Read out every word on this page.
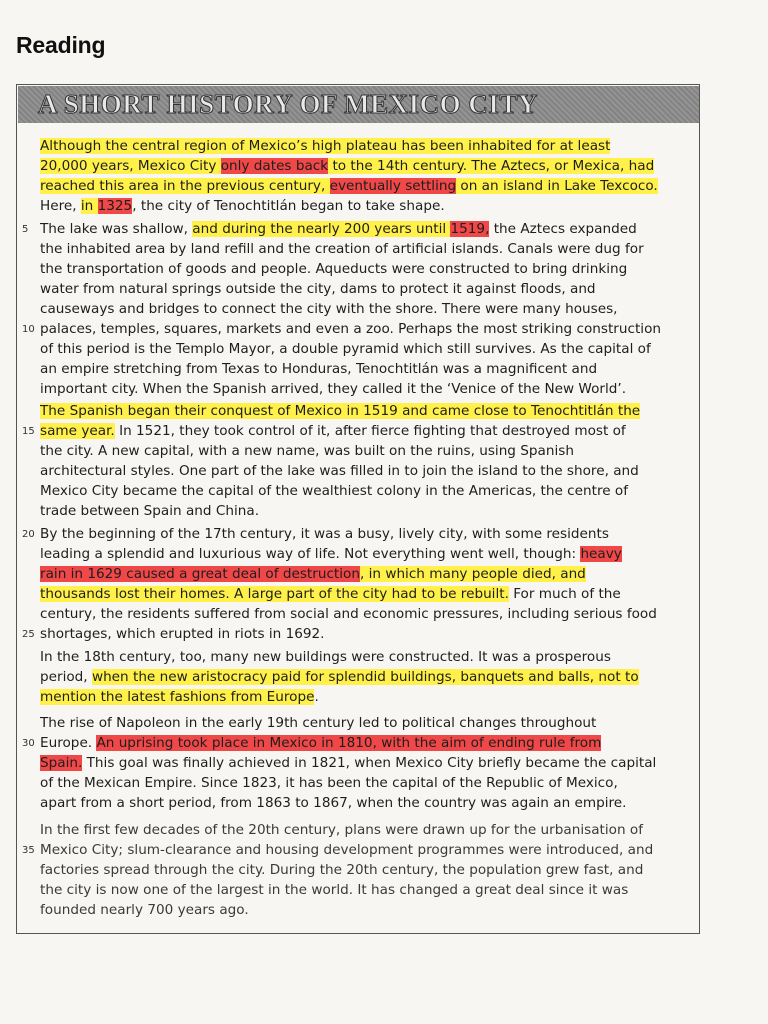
Reading
A SHORT HISTORY OF MEXICO CITY
Although the central region of Mexico’s high plateau has been inhabited for at least
20,000 years, Mexico City only dates back to the 14th century. The Aztecs, or Mexica, had
reached this area in the previous century, eventually settling on an island in Lake Texcoco.
Here, in 1325, the city of Tenochtitlán began to take shape.
5 The lake was shallow, and during the nearly 200 years until 1519, the Aztecs expanded
the inhabited area by land refill and the creation of artificial islands. Canals were dug for
the transportation of goods and people. Aqueducts were constructed to bring drinking
water from natural springs outside the city, dams to protect it against floods, and
causeways and bridges to connect the city with the shore. There were many houses,
10 palaces, temples, squares, markets and even a zoo. Perhaps the most striking construction
of this period is the Templo Mayor, a double pyramid which still survives. As the capital of
an empire stretching from Texas to Honduras, Tenochtitlán was a magnificent and
important city. When the Spanish arrived, they called it the ‘Venice of the New World’.
The Spanish began their conquest of Mexico in 1519 and came close to Tenochtitlán the
15 same year. In 1521, they took control of it, after fierce fighting that destroyed most of
the city. A new capital, with a new name, was built on the ruins, using Spanish
architectural styles. One part of the lake was filled in to join the island to the shore, and
Mexico City became the capital of the wealthiest colony in the Americas, the centre of
trade between Spain and China.
20 By the beginning of the 17th century, it was a busy, lively city, with some residents
leading a splendid and luxurious way of life. Not everything went well, though: heavy
rain in 1629 caused a great deal of destruction, in which many people died, and
thousands lost their homes. A large part of the city had to be rebuilt. For much of the
century, the residents suffered from social and economic pressures, including serious food
25 shortages, which erupted in riots in 1692.
In the 18th century, too, many new buildings were constructed. It was a prosperous
period, when the new aristocracy paid for splendid buildings, banquets and balls, not to
mention the latest fashions from Europe.
The rise of Napoleon in the early 19th century led to political changes throughout
30 Europe. An uprising took place in Mexico in 1810, with the aim of ending rule from
Spain. This goal was finally achieved in 1821, when Mexico City briefly became the capital
of the Mexican Empire. Since 1823, it has been the capital of the Republic of Mexico,
apart from a short period, from 1863 to 1867, when the country was again an empire.
In the first few decades of the 20th century, plans were drawn up for the urbanisation of
35 Mexico City; slum-clearance and housing development programmes were introduced, and
factories spread through the city. During the 20th century, the population grew fast, and
the city is now one of the largest in the world. It has changed a great deal since it was
founded nearly 700 years ago.
